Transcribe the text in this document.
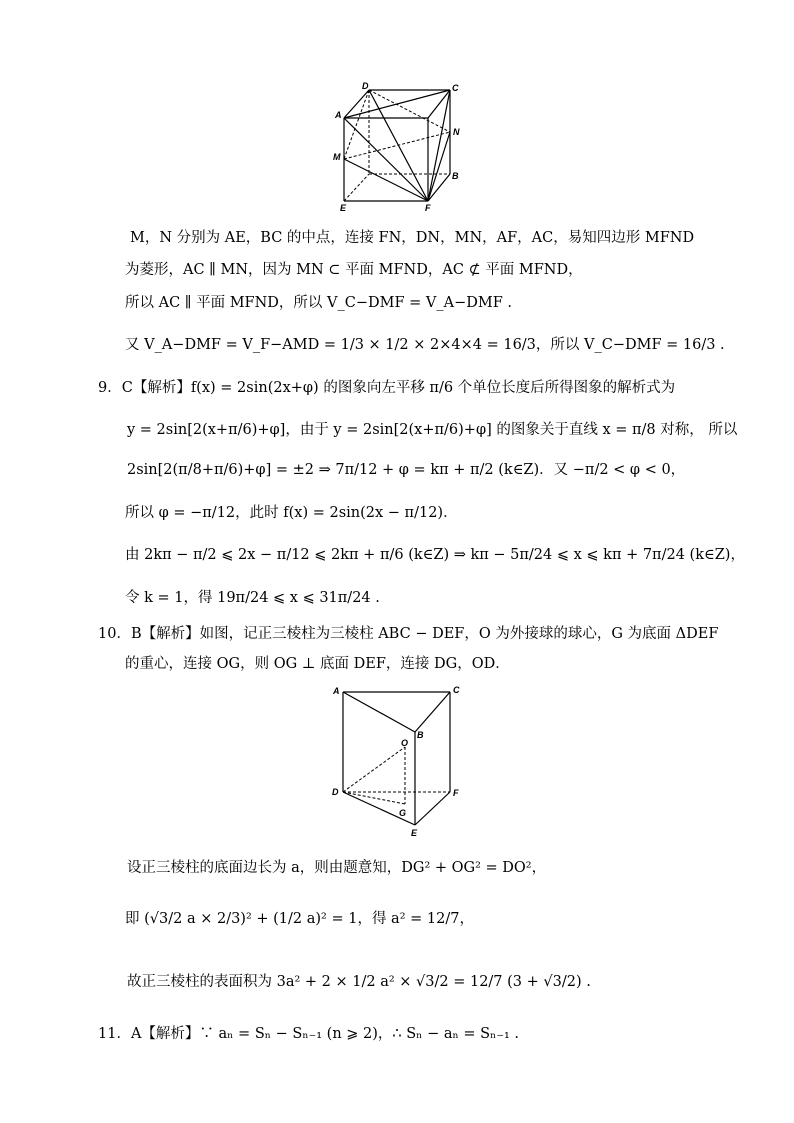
D	C
A
N
M
B
E	F
M，N 分别为 AE，BC 的中点，连接 FN，DN，MN，AF，AC，易知四边形 MFND
为菱形，AC ∥ MN，因为 MN ⊂ 平面 MFND，AC ⊄ 平面 MFND，
所以 AC ∥ 平面 MFND，所以 V_C−DMF = V_A−DMF .
又 V_A−DMF = V_F−AMD = 1/3 × 1/2 × 2×4×4 = 16/3，所以 V_C−DMF = 16/3 .
9．C【解析】f(x) = 2sin(2x+φ) 的图象向左平移 π/6 个单位长度后所得图象的解析式为
y = 2sin[2(x+π/6)+φ]，由于 y = 2sin[2(x+π/6)+φ] 的图象关于直线 x = π/8 对称， 所以
2sin[2(π/8+π/6)+φ] = ±2 ⇒ 7π/12 + φ = kπ + π/2 (k∈Z)．又 −π/2 < φ < 0，
所以 φ = −π/12，此时 f(x) = 2sin(2x − π/12)．
由 2kπ − π/2 ⩽ 2x − π/12 ⩽ 2kπ + π/6 (k∈Z) ⇒ kπ − 5π/24 ⩽ x ⩽ kπ + 7π/24 (k∈Z)，
令 k = 1，得 19π/24 ⩽ x ⩽ 31π/24 .
10．B【解析】如图，记正三棱柱为三棱柱 ABC − DEF，O 为外接球的球心，G 为底面 ΔDEF
的重心，连接 OG，则 OG ⊥ 底面 DEF，连接 DG，OD．
A	C
B
O
D	F
G
E
设正三棱柱的底面边长为 a，则由题意知，DG² + OG² = DO²，
即 (√3/2 a × 2/3)² + (1/2 a)² = 1，得 a² = 12/7，
故正三棱柱的表面积为 3a² + 2 × 1/2 a² × √3/2 = 12/7 (3 + √3/2) .
11．A【解析】∵ aₙ = Sₙ − Sₙ₋₁ (n ⩾ 2)，∴ Sₙ − aₙ = Sₙ₋₁ .
